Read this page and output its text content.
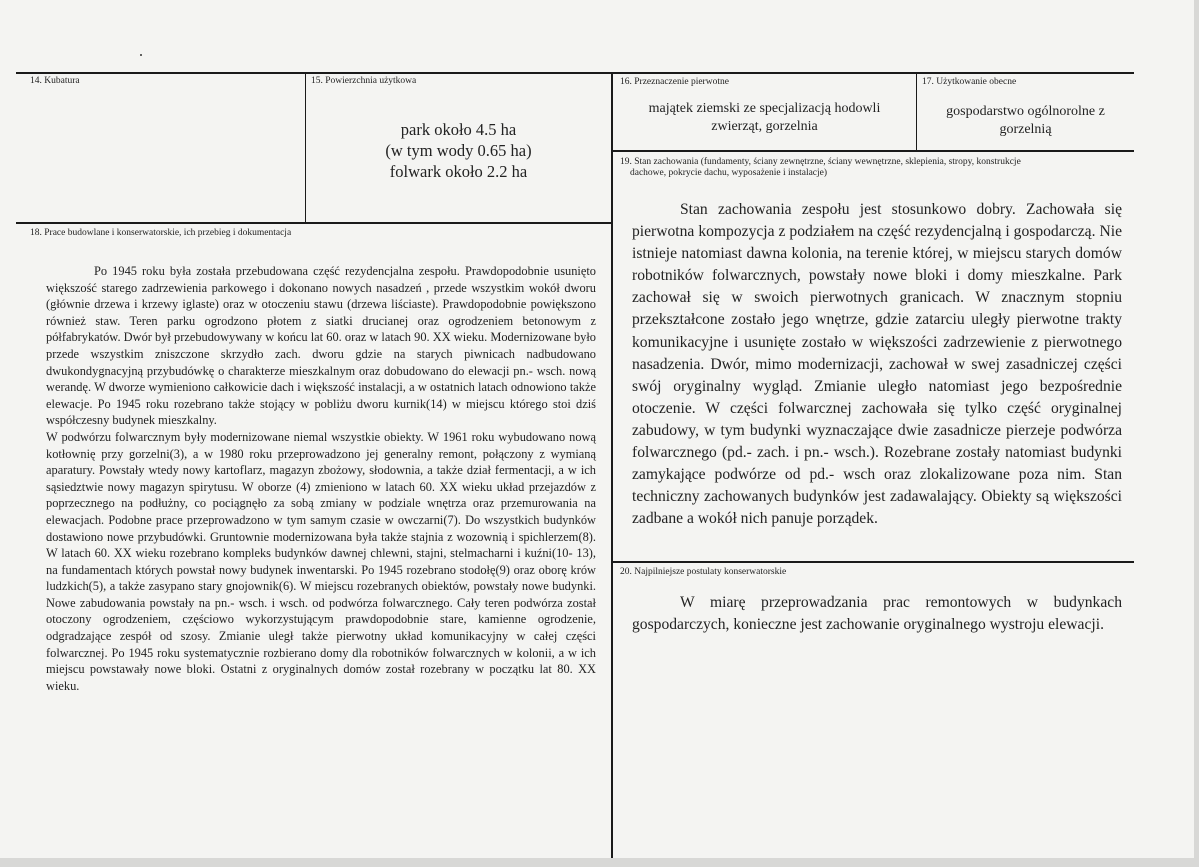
14. Kubatura	15. Powierzchnia użytkowa
park około 4.5 ha
(w tym wody 0.65 ha)
folwark około 2.2 ha
16. Przeznaczenie pierwotne
majątek ziemski ze specjalizacją hodowli
zwierząt, gorzelnia
17. Użytkowanie obecne
gospodarstwo ogólnorolne z
gorzelnią
19. Stan zachowania (fundamenty, ściany zewnętrzne, ściany wewnętrzne, sklepienia, stropy, konstrukcje
dachowe, pokrycie dachu, wyposażenie i instalacje)

Stan zachowania zespołu jest stosunkowo dobry. Zachowała się pierwotna kompozycja z podziałem na część rezydencjalną i gospodarczą. Nie istnieje natomiast dawna kolonia, na terenie której, w miejscu starych domów robotników folwarcznych, powstały nowe bloki i domy mieszkalne. Park zachował się w swoich pierwotnych granicach. W znacznym stopniu przekształcone zostało jego wnętrze, gdzie zatarciu uległy pierwotne trakty komunikacyjne i usunięte zostało w większości zadrzewienie z pierwotnego nasadzenia. Dwór, mimo modernizacji, zachował w swej zasadniczej części swój oryginalny wygląd. Zmianie uległo natomiast jego bezpośrednie otoczenie. W części folwarcznej zachowała się tylko część oryginalnej zabudowy, w tym budynki wyznaczające dwie zasadnicze pierzeje podwórza folwarcznego (pd.- zach. i pn.- wsch.). Rozebrane zostały natomiast budynki zamykające podwórze od pd.- wsch oraz zlokalizowane poza nim. Stan techniczny zachowanych budynków jest zadawalający. Obiekty są większości zadbane a wokół nich panuje porządek.

18. Prace budowlane i konserwatorskie, ich przebieg i dokumentacja

Po 1945 roku była została przebudowana część rezydencjalna zespołu. Prawdopodobnie usunięto większość starego zadrzewienia parkowego i dokonano nowych nasadzeń , przede wszystkim wokół dworu (głównie drzewa i krzewy iglaste) oraz w otoczeniu stawu (drzewa liściaste). Prawdopodobnie powiększono również staw. Teren parku ogrodzono płotem z siatki drucianej oraz ogrodzeniem betonowym z półfabrykatów. Dwór był przebudowywany w końcu lat 60. oraz w latach 90. XX wieku. Modernizowane było przede wszystkim zniszczone skrzydło zach. dworu gdzie na starych piwnicach nadbudowano dwukondygnacyjną przybudówkę o charakterze mieszkalnym oraz dobudowano do elewacji pn.- wsch. nową werandę. W dworze wymieniono całkowicie dach i większość instalacji, a w ostatnich latach odnowiono także elewacje. Po 1945 roku rozebrano także stojący w pobliżu dworu kurnik(14) w miejscu którego stoi dziś współczesny budynek mieszkalny.

W podwórzu folwarcznym były modernizowane niemal wszystkie obiekty. W 1961 roku wybudowano nową kotłownię przy gorzelni(3), a w 1980 roku przeprowadzono jej generalny remont, połączony z wymianą aparatury. Powstały wtedy nowy kartoflarz, magazyn zbożowy, słodownia, a także dział fermentacji, a w ich sąsiedztwie nowy magazyn spirytusu. W oborze (4) zmieniono w latach 60. XX wieku układ przejazdów z poprzecznego na podłużny, co pociągnęło za sobą zmiany w podziale wnętrza oraz przemurowania na elewacjach. Podobne prace przeprowadzono w tym samym czasie w owczarni(7). Do wszystkich budynków dostawiono nowe przybudówki. Gruntownie modernizowana była także stajnia z wozownią i spichlerzem(8). W latach 60. XX wieku rozebrano kompleks budynków dawnej chlewni, stajni, stelmacharni i kuźni(10- 13), na fundamentach których powstał nowy budynek inwentarski. Po 1945 rozebrano stodołę(9) oraz oborę krów ludzkich(5), a także zasypano stary gnojownik(6). W miejscu rozebranych obiektów, powstały nowe budynki. Nowe zabudowania powstały na pn.- wsch. i wsch. od podwórza folwarcznego. Cały teren podwórza został otoczony ogrodzeniem, częściowo wykorzystującym prawdopodobnie stare, kamienne ogrodzenie, odgradzające zespół od szosy. Zmianie uległ także pierwotny układ komunikacyjny w całej części folwarcznej. Po 1945 roku systematycznie rozbierano domy dla robotników folwarcznych w kolonii, a w ich miejscu powstawały nowe bloki. Ostatni z oryginalnych domów został rozebrany w początku lat 80. XX wieku.

20. Najpilniejsze postulaty konserwatorskie

W miarę przeprowadzania prac remontowych w budynkach gospodarczych, konieczne jest zachowanie oryginalnego wystroju elewacji.
